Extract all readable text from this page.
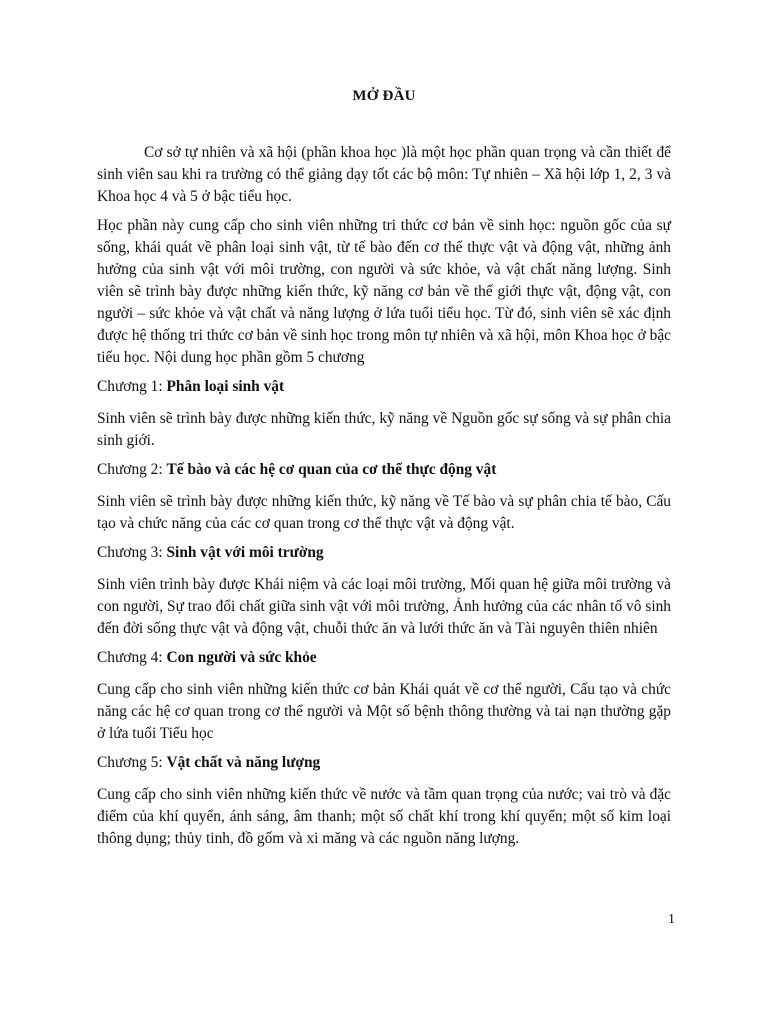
MỞ ĐẦU

Cơ sở tự nhiên và xã hội (phần khoa học )là một học phần quan trọng và cần thiết để sinh viên sau khi ra trường có thể giảng dạy tốt các bộ môn: Tự nhiên – Xã hội lớp 1, 2, 3 và Khoa học 4 và 5 ở bậc tiểu học.

Học phần này cung cấp cho sinh viên những tri thức cơ bản về sinh học: nguồn gốc của sự sống, khái quát về phân loại sinh vật, từ tế bào đến cơ thể thực vật và động vật, những ảnh hưởng của sinh vật với môi trường, con người và sức khỏe, và vật chất năng lượng. Sinh viên sẽ trình bày được những kiến thức, kỹ năng cơ bản về thế giới thực vật, động vật, con người – sức khỏe và vật chất và năng lượng ở lứa tuổi tiểu học. Từ đó, sinh viên sẽ xác định được hệ thống tri thức cơ bản về sinh học trong môn tự nhiên và xã hội, môn Khoa học ở bậc tiểu học. Nội dung học phần gồm 5 chương

Chương 1: Phân loại sinh vật

Sinh viên sẽ trình bày được những kiến thức, kỹ năng về Nguồn gốc sự sống và sự phân chia sinh giới.

Chương 2: Tế bào và các hệ cơ quan của cơ thể thực động vật

Sinh viên sẽ trình bày được những kiến thức, kỹ năng về Tế bào và sự phân chia tế bào, Cấu tạo và chức năng của các cơ quan trong cơ thể thực vật và động vật.

Chương 3: Sinh vật với môi trường

Sinh viên trình bày được Khái niệm và các loại môi trường, Mối quan hệ giữa môi trường và con người, Sự trao đổi chất giữa sinh vật với môi trường, Ảnh hưởng của các nhân tố vô sinh đến đời sống thực vật và động vật, chuỗi thức ăn và lưới thức ăn và Tài nguyên thiên nhiên

Chương 4: Con người và sức khỏe

Cung cấp cho sinh viên những kiến thức cơ bản Khái quát về cơ thể người, Cấu tạo và chức năng các hệ cơ quan trong cơ thể người và Một số bệnh thông thường và tai nạn thường gặp ở lứa tuổi Tiểu học

Chương 5: Vật chất và năng lượng

Cung cấp cho sinh viên những kiến thức về nước và tầm quan trọng của nước; vai trò và đặc điểm của khí quyển, ánh sáng, âm thanh; một số chất khí trong khí quyển; một số kim loại thông dụng; thủy tinh, đồ gốm và xi măng và các nguồn năng lượng.

1
